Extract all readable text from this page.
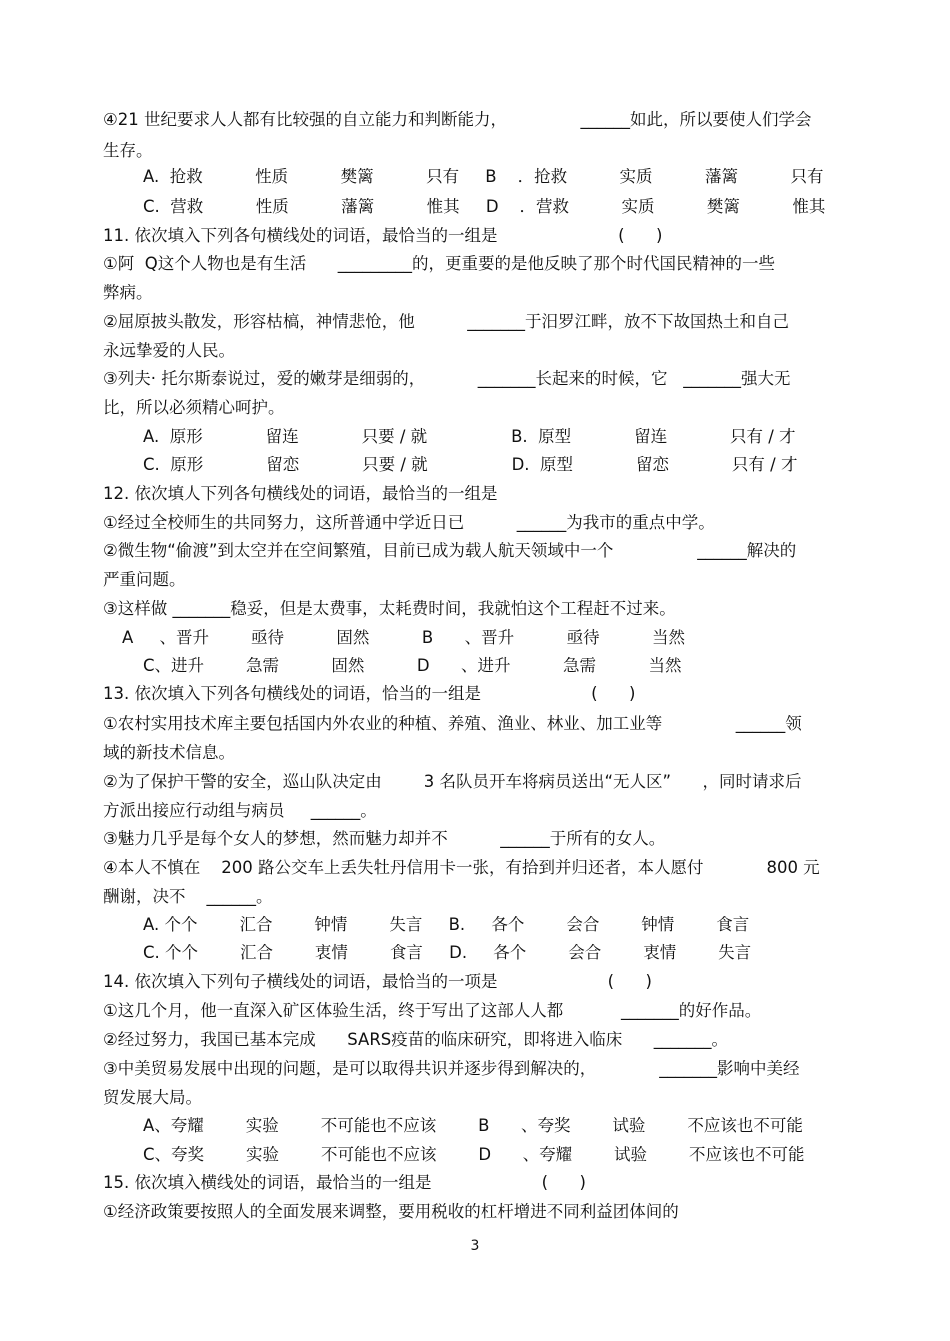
④21 世纪要求人人都有比较强的自立能力和判断能力，              ______如此，所以要使人们学会
生存。
A.  抢救          性质          樊篱          只有     B    ．抢救          实质          藩篱          只有
C.  营救          性质          藩篱          惟其     D    ．营救          实质          樊篱          惟其
11. 依次填入下列各句横线处的词语，最恰当的一组是                       (      )
①阿  Q这个人物也是有生活      _________的，更重要的是他反映了那个时代国民精神的一些
弊病。
②屈原披头散发，形容枯槁，神情悲怆，他          _______于汨罗江畔，放不下故国热土和自己
永远挚爱的人民。
③列夫· 托尔斯泰说过，爱的嫩芽是细弱的，          _______长起来的时候，它   _______强大无
比，所以必须精心呵护。
A.  原形            留连            只要 / 就                B.  原型            留连            只有 / 才
C.  原形            留恋            只要 / 就                D.  原型            留恋            只有 / 才
12. 依次填人下列各句横线处的词语，最恰当的一组是
①经过全校师生的共同努力，这所普通中学近日已          ______为我市的重点中学。
②微生物“偷渡”到太空并在空间繁殖，目前已成为载人航天领域中一个                ______解决的
严重问题。
③这样做 _______稳妥，但是太费事，太耗费时间，我就怕这个工程赶不过来。
A     、晋升        亟待          固然          B      、晋升          亟待          当然
C、进升        急需          固然          D      、进升          急需          当然
13. 依次填入下列各句横线处的词语，恰当的一组是                     (      )
①农村实用技术库主要包括国内外农业的种植、养殖、渔业、林业、加工业等              ______领
域的新技术信息。
②为了保护干警的安全，巡山队决定由        3 名队员开车将病员送出“无人区”      ，同时请求后
方派出接应行动组与病员     ______。
③魅力几乎是每个女人的梦想，然而魅力却并不          ______于所有的女人。
④本人不慎在    200 路公交车上丢失牡丹信用卡一张，有拾到并归还者，本人愿付            800 元
酬谢，决不    ______。
A. 个个        汇合        钟情        失言     B.     各个        会合        钟情        食言
C. 个个        汇合        衷情        食言     D.     各个        会合        衷情        失言
14. 依次填入下列句子横线处的词语，最恰当的一项是                     (      )
①这几个月，他一直深入矿区体验生活，终于写出了这部人人都           _______的好作品。
②经过努力，我国已基本完成      SARS疫苗的临床研究，即将进入临床      _______。
③中美贸易发展中出现的问题，是可以取得共识并逐步得到解决的，            _______影响中美经
贸发展大局。
A、夸耀        实验        不可能也不应该        B      、夸奖        试验        不应该也不可能
C、夸奖        实验        不可能也不应该        D      、夸耀        试验        不应该也不可能
15. 依次填入横线处的词语，最恰当的一组是                     (      )
①经济政策要按照人的全面发展来调整，要用税收的杠杆增进不同利益团体间的
3
